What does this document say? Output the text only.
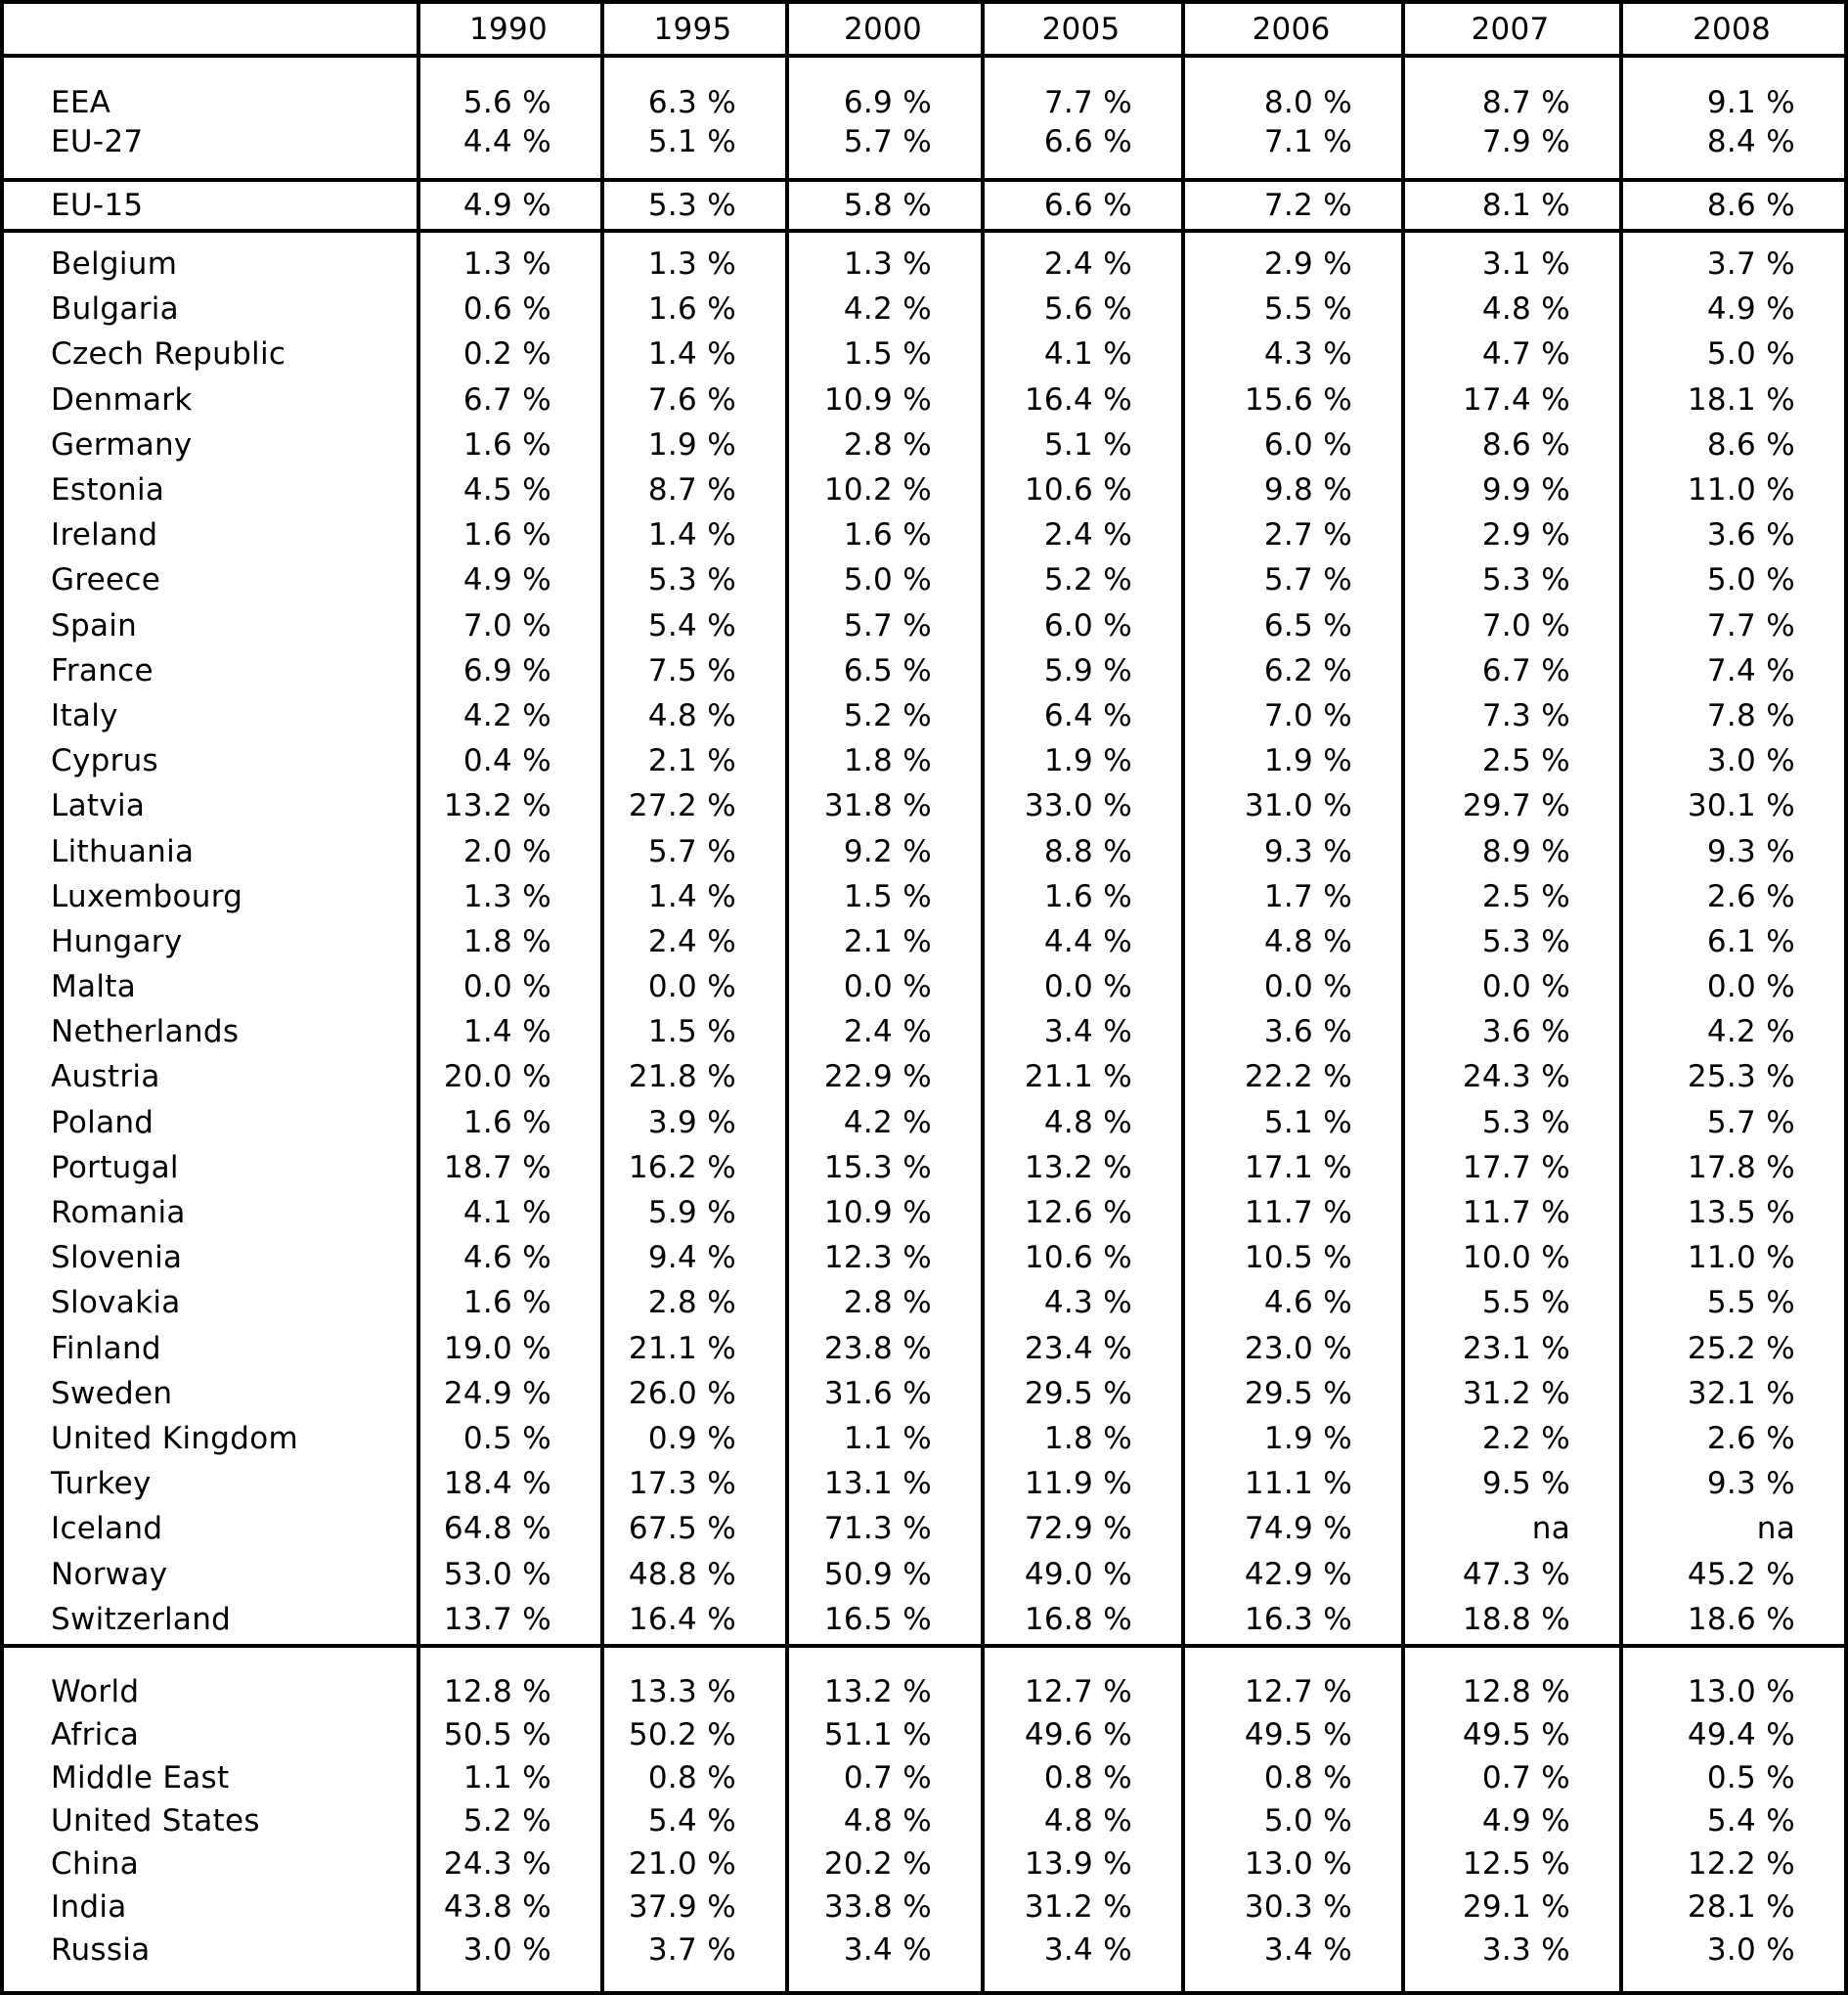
1990	1995	2000	2005	2006	2007	2008
EEA	5.6 %	6.3 %	6.9 %	7.7 %	8.0 %	8.7 %	9.1 %
EU-27	4.4 %	5.1 %	5.7 %	6.6 %	7.1 %	7.9 %	8.4 %
EU-15	4.9 %	5.3 %	5.8 %	6.6 %	7.2 %	8.1 %	8.6 %
Belgium	1.3 %	1.3 %	1.3 %	2.4 %	2.9 %	3.1 %	3.7 %
Bulgaria	0.6 %	1.6 %	4.2 %	5.6 %	5.5 %	4.8 %	4.9 %
Czech Republic	0.2 %	1.4 %	1.5 %	4.1 %	4.3 %	4.7 %	5.0 %
Denmark	6.7 %	7.6 %	10.9 %	16.4 %	15.6 %	17.4 %	18.1 %
Germany	1.6 %	1.9 %	2.8 %	5.1 %	6.0 %	8.6 %	8.6 %
Estonia	4.5 %	8.7 %	10.2 %	10.6 %	9.8 %	9.9 %	11.0 %
Ireland	1.6 %	1.4 %	1.6 %	2.4 %	2.7 %	2.9 %	3.6 %
Greece	4.9 %	5.3 %	5.0 %	5.2 %	5.7 %	5.3 %	5.0 %
Spain	7.0 %	5.4 %	5.7 %	6.0 %	6.5 %	7.0 %	7.7 %
France	6.9 %	7.5 %	6.5 %	5.9 %	6.2 %	6.7 %	7.4 %
Italy	4.2 %	4.8 %	5.2 %	6.4 %	7.0 %	7.3 %	7.8 %
Cyprus	0.4 %	2.1 %	1.8 %	1.9 %	1.9 %	2.5 %	3.0 %
Latvia	13.2 %	27.2 %	31.8 %	33.0 %	31.0 %	29.7 %	30.1 %
Lithuania	2.0 %	5.7 %	9.2 %	8.8 %	9.3 %	8.9 %	9.3 %
Luxembourg	1.3 %	1.4 %	1.5 %	1.6 %	1.7 %	2.5 %	2.6 %
Hungary	1.8 %	2.4 %	2.1 %	4.4 %	4.8 %	5.3 %	6.1 %
Malta	0.0 %	0.0 %	0.0 %	0.0 %	0.0 %	0.0 %	0.0 %
Netherlands	1.4 %	1.5 %	2.4 %	3.4 %	3.6 %	3.6 %	4.2 %
Austria	20.0 %	21.8 %	22.9 %	21.1 %	22.2 %	24.3 %	25.3 %
Poland	1.6 %	3.9 %	4.2 %	4.8 %	5.1 %	5.3 %	5.7 %
Portugal	18.7 %	16.2 %	15.3 %	13.2 %	17.1 %	17.7 %	17.8 %
Romania	4.1 %	5.9 %	10.9 %	12.6 %	11.7 %	11.7 %	13.5 %
Slovenia	4.6 %	9.4 %	12.3 %	10.6 %	10.5 %	10.0 %	11.0 %
Slovakia	1.6 %	2.8 %	2.8 %	4.3 %	4.6 %	5.5 %	5.5 %
Finland	19.0 %	21.1 %	23.8 %	23.4 %	23.0 %	23.1 %	25.2 %
Sweden	24.9 %	26.0 %	31.6 %	29.5 %	29.5 %	31.2 %	32.1 %
United Kingdom	0.5 %	0.9 %	1.1 %	1.8 %	1.9 %	2.2 %	2.6 %
Turkey	18.4 %	17.3 %	13.1 %	11.9 %	11.1 %	9.5 %	9.3 %
Iceland	64.8 %	67.5 %	71.3 %	72.9 %	74.9 %	na	na
Norway	53.0 %	48.8 %	50.9 %	49.0 %	42.9 %	47.3 %	45.2 %
Switzerland	13.7 %	16.4 %	16.5 %	16.8 %	16.3 %	18.8 %	18.6 %
World	12.8 %	13.3 %	13.2 %	12.7 %	12.7 %	12.8 %	13.0 %
Africa	50.5 %	50.2 %	51.1 %	49.6 %	49.5 %	49.5 %	49.4 %
Middle East	1.1 %	0.8 %	0.7 %	0.8 %	0.8 %	0.7 %	0.5 %
United States	5.2 %	5.4 %	4.8 %	4.8 %	5.0 %	4.9 %	5.4 %
China	24.3 %	21.0 %	20.2 %	13.9 %	13.0 %	12.5 %	12.2 %
India	43.8 %	37.9 %	33.8 %	31.2 %	30.3 %	29.1 %	28.1 %
Russia	3.0 %	3.7 %	3.4 %	3.4 %	3.4 %	3.3 %	3.0 %
